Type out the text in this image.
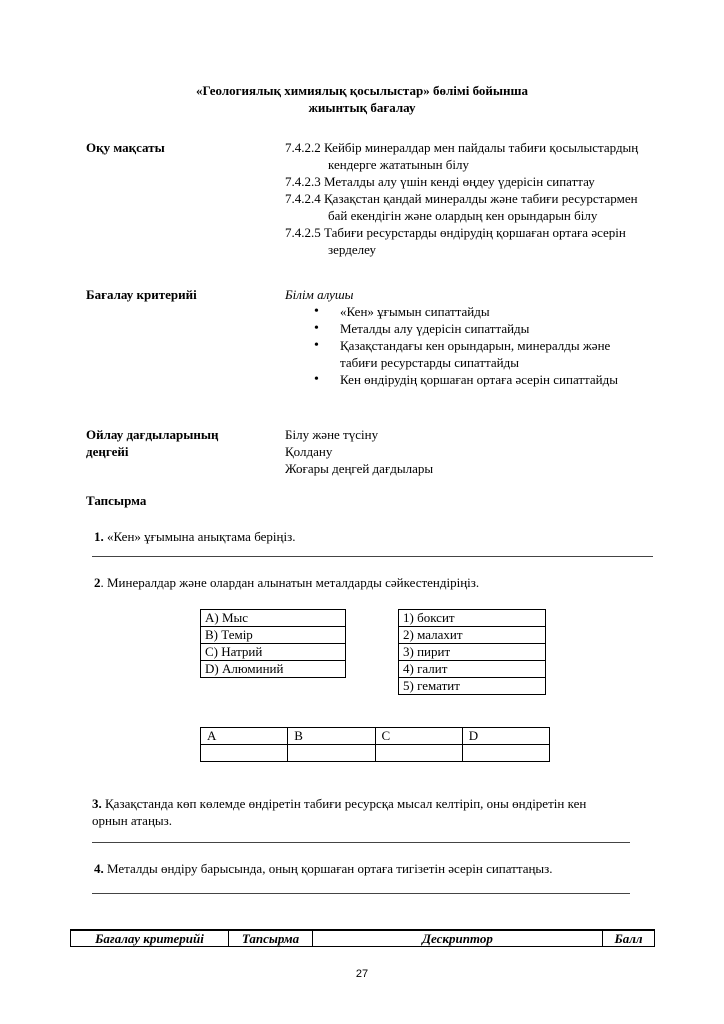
«Геологиялық химиялық қосылыстар» бөлімі бойынша
жиынтық бағалау
Оқу мақсаты	7.4.2.2 Кейбір минералдар мен пайдалы табиғи қосылыстардың кендерге жататынын білу
7.4.2.3 Металды алу үшін кенді өңдеу үдерісін сипаттау
7.4.2.4 Қазақстан қандай минералды және табиғи ресурстармен бай екендігін және олардың кен орындарын білу
7.4.2.5 Табиғи ресурстарды өндірудің қоршаған ортаға әсерін зерделеу
Бағалау критерийі	Білім алушы
• «Кен» ұғымын сипаттайды
• Металды алу үдерісін сипаттайды
• Қазақстандағы кен орындарын, минералды және табиғи ресурстарды сипаттайды
• Кен өндірудің қоршаған ортаға әсерін сипаттайды
Ойлау дағдыларының
деңгейі
Білу және түсіну
Қолдану
Жоғары деңгей дағдылары
Тапсырма
1. «Кен» ұғымына анықтама беріңіз.
2. Минералдар және олардан алынатын металдарды сәйкестендіріңіз.
A) Мыс
B) Темір
C) Натрий
D) Алюминий
1) боксит
2) малахит
3) пирит
4) галит
5) гематит
A	B	C	D

3. Қазақстанда көп көлемде өндіретін табиғи ресурсқа мысал келтіріп, оны өндіретін кен
орнын атаңыз.
4. Металды өндіру барысында, оның қоршаған ортаға тигізетін әсерін сипаттаңыз.
Бағалау критерийі	Тапсырма	Дескриптор	Балл
27
